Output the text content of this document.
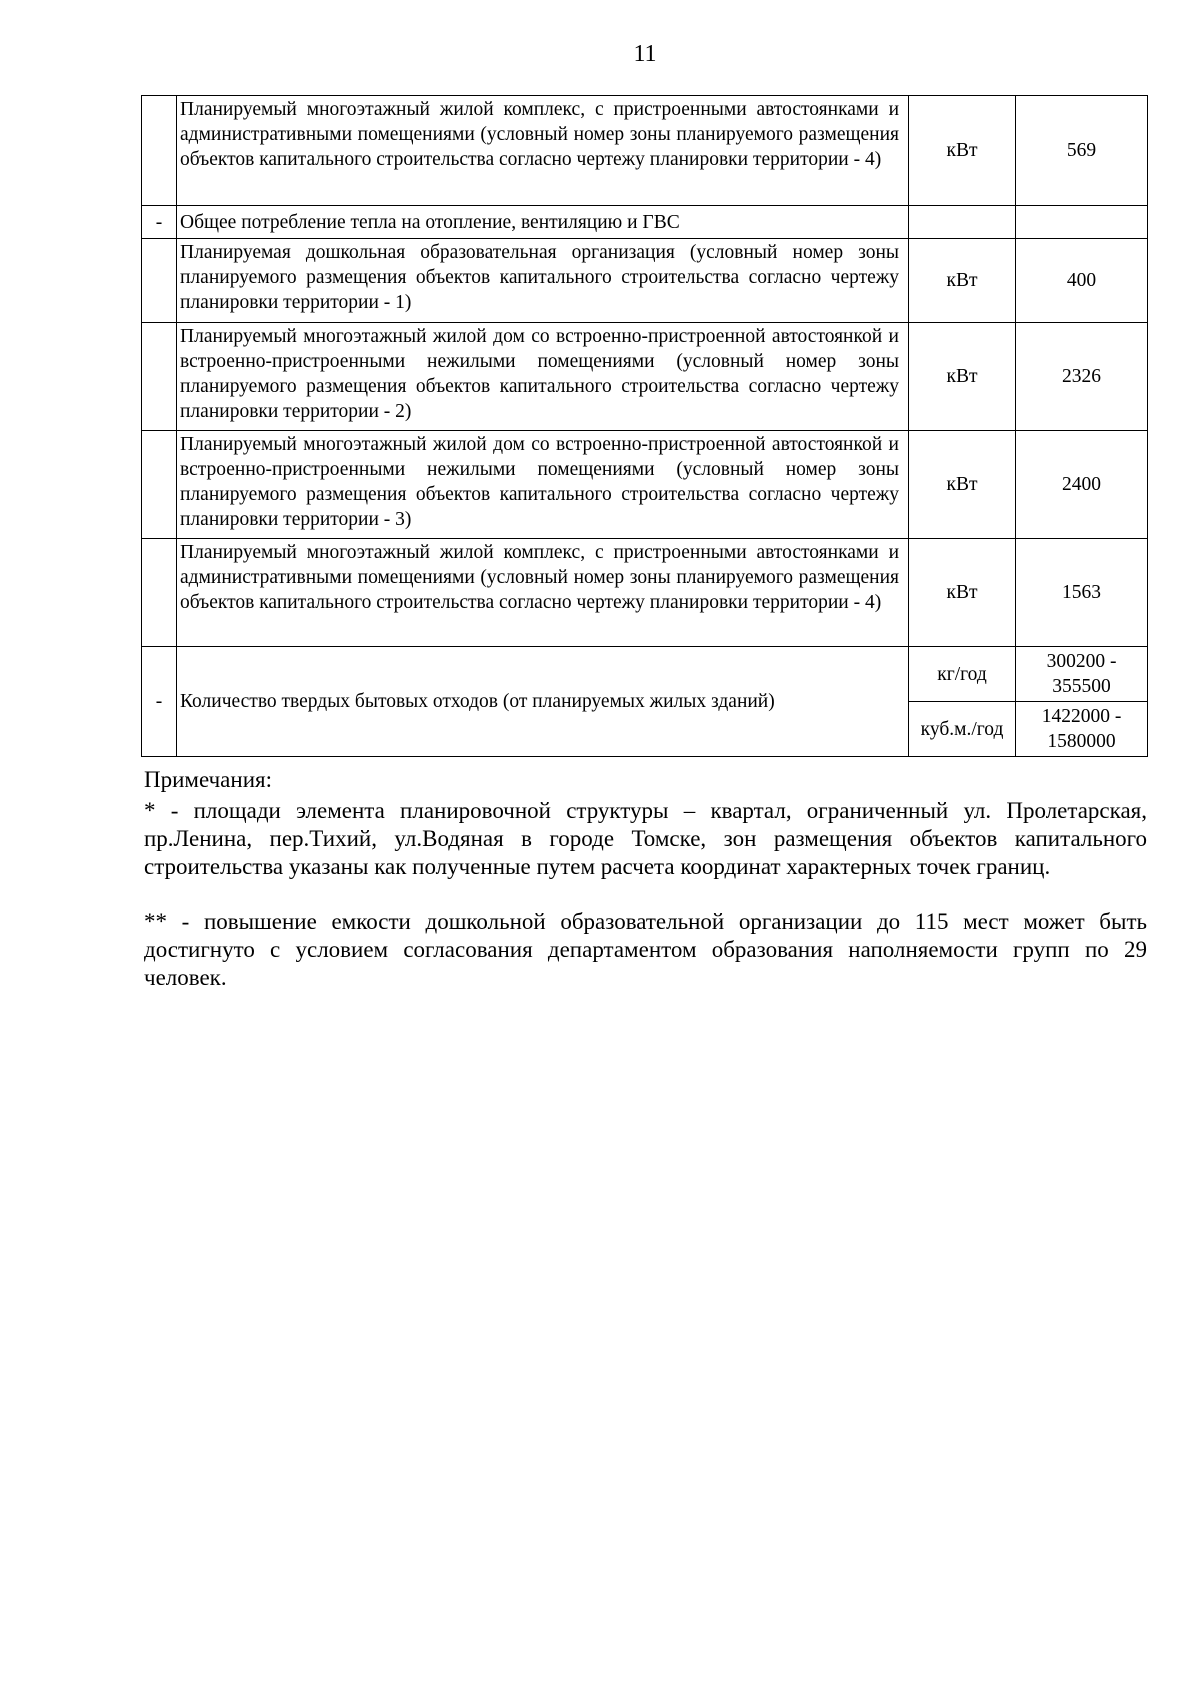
11
	Планируемый многоэтажный жилой комплекс, с пристроенными автостоянками и административными помещениями (условный номер зоны планируемого размещения объектов капитального строительства согласно чертежу планировки территории - 4)	кВт	569
-	Общее потребление тепла на отопление, вентиляцию и ГВС		
	Планируемая дошкольная образовательная организация (условный номер зоны планируемого размещения объектов капитального строительства согласно чертежу планировки территории - 1)	кВт	400
	Планируемый многоэтажный жилой дом со встроенно-пристроенной автостоянкой и встроенно-пристроенными нежилыми помещениями (условный номер зоны планируемого размещения объектов капитального строительства согласно чертежу планировки территории - 2)	кВт	2326
	Планируемый многоэтажный жилой дом со встроенно-пристроенной автостоянкой и встроенно-пристроенными нежилыми помещениями (условный номер зоны планируемого размещения объектов капитального строительства согласно чертежу планировки территории - 3)	кВт	2400
	Планируемый многоэтажный жилой комплекс, с пристроенными автостоянками и административными помещениями (условный номер зоны планируемого размещения объектов капитального строительства согласно чертежу планировки территории - 4)	кВт	1563
-	Количество твердых бытовых отходов (от планируемых жилых зданий)	кг/год	300200 -
355500
		куб.м./год	1422000 -
1580000

Примечания:

* - площади элемента планировочной структуры – квартал, ограниченный ул. Пролетарская, пр.Ленина, пер.Тихий, ул.Водяная в городе Томске, зон размещения объектов капитального строительства указаны как полученные путем расчета координат характерных точек границ.

** - повышение емкости дошкольной образовательной организации до 115 мест может быть достигнуто с условием согласования департаментом образования наполняемости групп по 29 человек.
